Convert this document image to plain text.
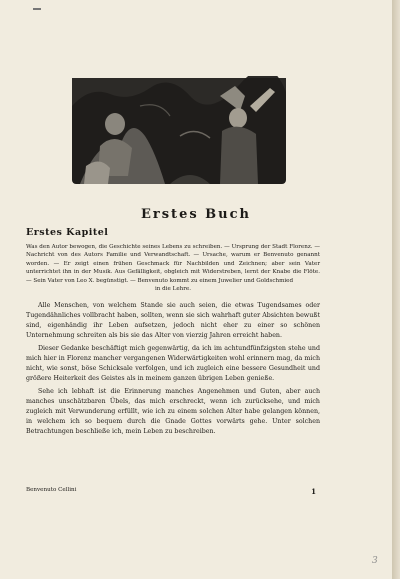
Erstes Buch
Erstes Kapitel
Was den Autor bewogen, die Geschichte seines Lebens zu schreiben. — Ursprung der Stadt Florenz. — Nachricht von des Autors Familie und Verwandtschaft. — Ursache, warum er Benvenuto genannt worden. — Er zeigt einen frühen Geschmack für Nachbilden und Zeichnen; aber sein Vater unterrichtet ihn in der Musik. Aus Gefälligkeit, obgleich mit Widerstreben, lernt der Knabe die Flöte. — Sein Vater von Leo X. begünstigt. — Benvenuto kommt zu einem Juwelier und Goldschmied
in die Lehre.

Alle Menschen, von welchem Stande sie auch seien, die etwas Tugendsames oder Tugendähnliches vollbracht haben, sollten, wenn sie sich wahrhaft guter Absichten bewußt sind, eigenhändig ihr Leben aufsetzen, jedoch nicht eher zu einer so schönen Unternehmung schreiten als bis sie das Alter von vierzig Jahren erreicht haben.

Dieser Gedanke beschäftigt mich gegenwärtig, da ich im achtundfünfzigsten stehe und mich hier in Florenz mancher vergangenen Widerwärtigkeiten wohl erinnern mag, da mich nicht, wie sonst, böse Schicksale verfolgen, und ich zugleich eine bessere Gesundheit und größere Heiterkeit des Geistes als in meinem ganzen übrigen Leben genieße.

Sehe ich lebhaft ist die Erinnerung manches Angenehmen und Guten, aber auch manches unschätzbaren Übels, das mich erschreckt, wenn ich zurücksehe, und mich zugleich mit Verwunderung erfüllt, wie ich zu einem solchen Alter habe gelangen können, in welchem ich so bequem durch die Gnade Gottes vorwärts gehe. Unter solchen Betrachtungen beschließe ich, mein Leben zu beschreiben.

Benvenuto Cellini	1
3
